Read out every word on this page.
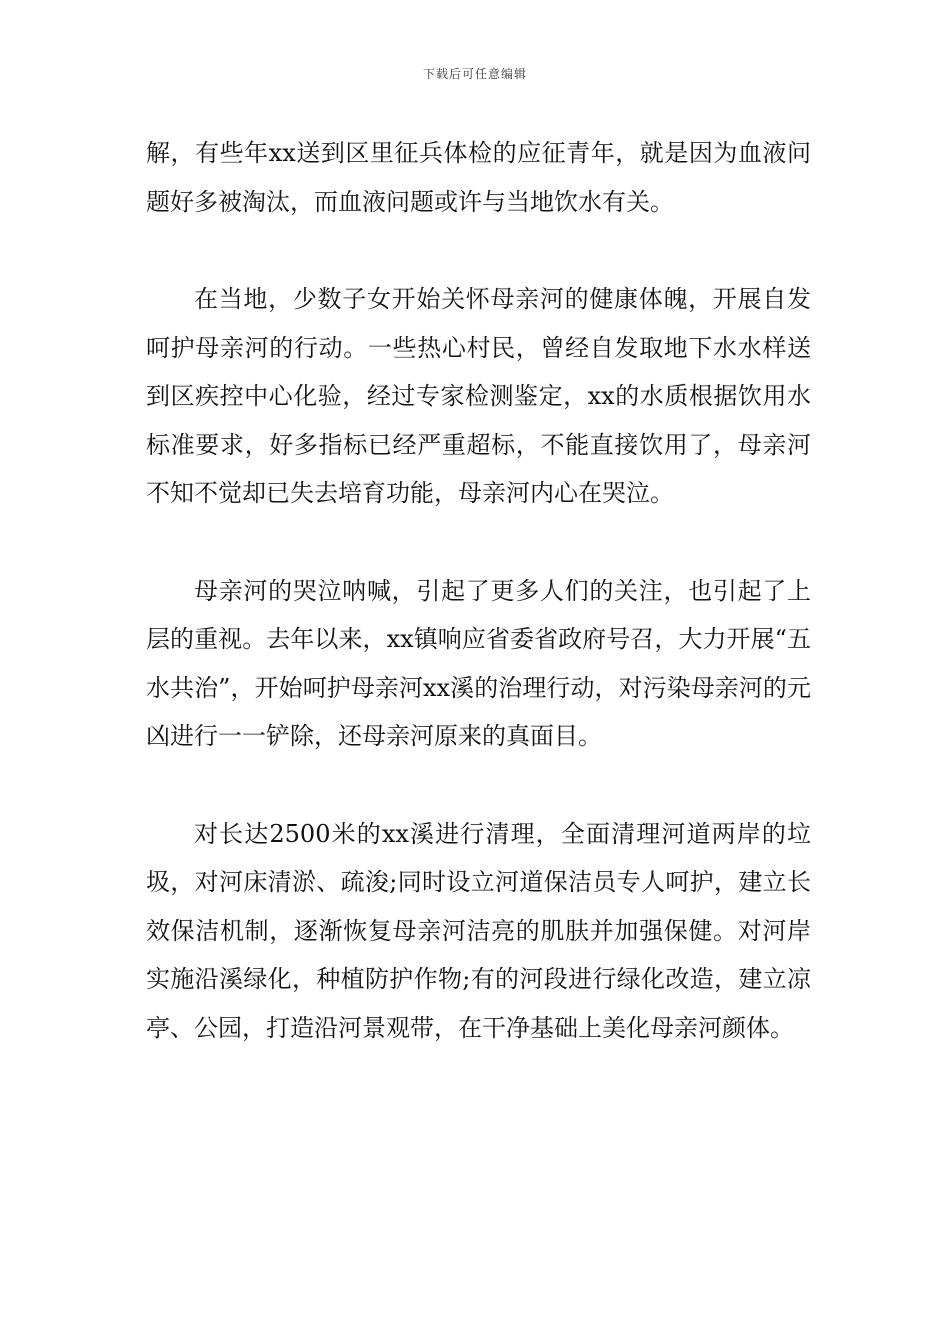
下载后可任意编辑

解，有些年xx送到区里征兵体检的应征青年，就是因为血液问题好多被淘汰，而血液问题或许与当地饮水有关。

在当地，少数子女开始关怀母亲河的健康体魄，开展自发呵护母亲河的行动。一些热心村民，曾经自发取地下水水样送到区疾控中心化验，经过专家检测鉴定，xx的水质根据饮用水标准要求，好多指标已经严重超标，不能直接饮用了，母亲河不知不觉却已失去培育功能，母亲河内心在哭泣。

母亲河的哭泣呐喊，引起了更多人们的关注，也引起了上层的重视。去年以来，xx镇响应省委省政府号召，大力开展“五水共治”，开始呵护母亲河xx溪的治理行动，对污染母亲河的元凶进行一一铲除，还母亲河原来的真面目。

对长达2500米的xx溪进行清理，全面清理河道两岸的垃圾，对河床清淤、疏浚;同时设立河道保洁员专人呵护，建立长效保洁机制，逐渐恢复母亲河洁亮的肌肤并加强保健。对河岸实施沿溪绿化，种植防护作物;有的河段进行绿化改造，建立凉亭、公园，打造沿河景观带，在干净基础上美化母亲河颜体。
